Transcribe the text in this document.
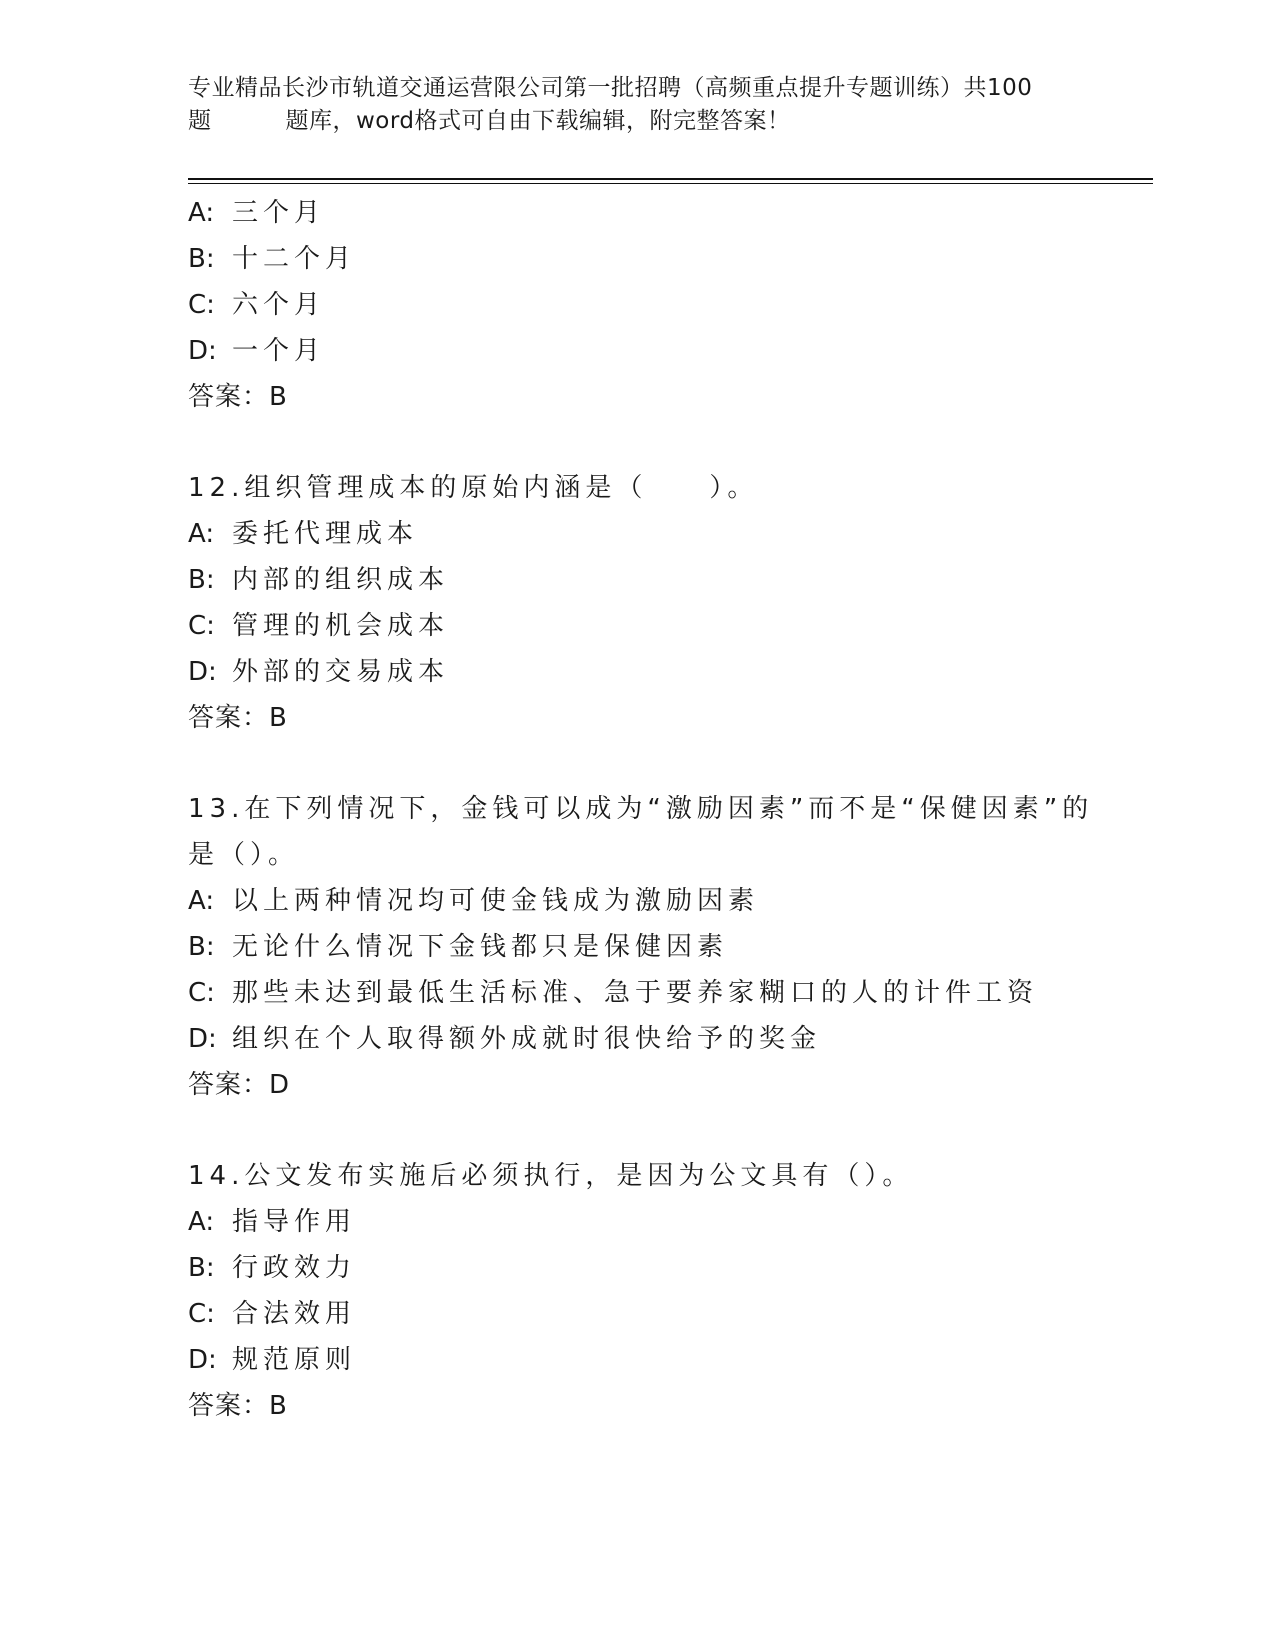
专业精品长沙市轨道交通运营限公司第一批招聘（高频重点提升专题训练）共100
题	题库，word格式可自由下载编辑，附完整答案！
A: 三个月
B: 十二个月
C: 六个月
D: 一个月
答案：B
12.组织管理成本的原始内涵是（　　）。
A: 委托代理成本
B: 内部的组织成本
C: 管理的机会成本
D: 外部的交易成本
答案：B
13.在下列情况下，金钱可以成为“激励因素”而不是“保健因素”的
是（）。
A: 以上两种情况均可使金钱成为激励因素
B: 无论什么情况下金钱都只是保健因素
C: 那些未达到最低生活标准、急于要养家糊口的人的计件工资
D: 组织在个人取得额外成就时很快给予的奖金
答案：D
14.公文发布实施后必须执行，是因为公文具有（）。
A: 指导作用
B: 行政效力
C: 合法效用
D: 规范原则
答案：B
